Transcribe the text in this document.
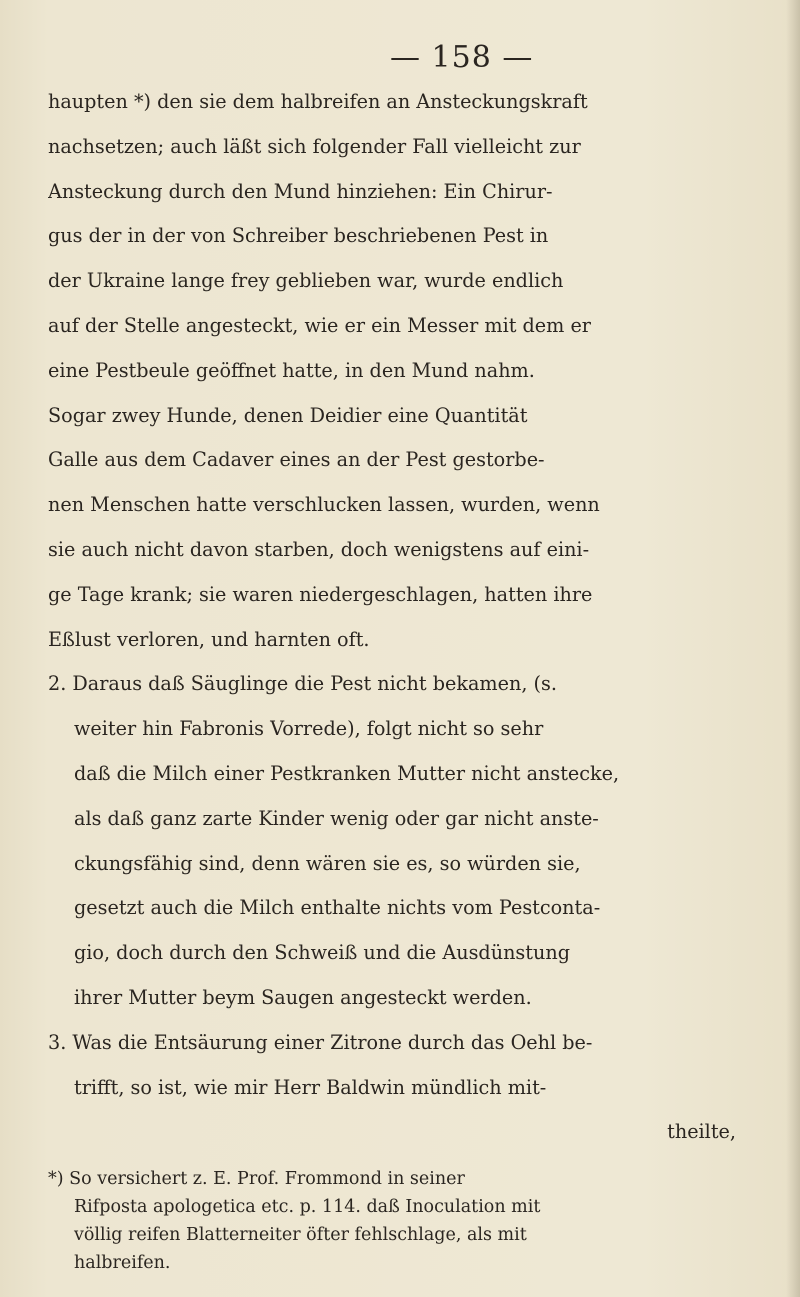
— 158 —
haupten *) den sie dem halbreifen an Ansteckungskraft
nachsetzen; auch läßt sich folgender Fall vielleicht zur
Ansteckung durch den Mund hinziehen: Ein Chirur-
gus der in der von Schreiber beschriebenen Pest in
der Ukraine lange frey geblieben war, wurde endlich
auf der Stelle angesteckt, wie er ein Messer mit dem er
eine Pestbeule geöffnet hatte, in den Mund nahm.
Sogar zwey Hunde, denen Deidier eine Quantität
Galle aus dem Cadaver eines an der Pest gestorbe-
nen Menschen hatte verschlucken lassen, wurden, wenn
sie auch nicht davon starben, doch wenigstens auf eini-
ge Tage krank; sie waren niedergeschlagen, hatten ihre
Eßlust verloren, und harnten oft.
2. Daraus daß Säuglinge die Pest nicht bekamen, (s.
weiter hin Fabronis Vorrede), folgt nicht so sehr
daß die Milch einer Pestkranken Mutter nicht anstecke,
als daß ganz zarte Kinder wenig oder gar nicht anste-
ckungsfähig sind, denn wären sie es, so würden sie,
gesetzt auch die Milch enthalte nichts vom Pestconta-
gio, doch durch den Schweiß und die Ausdünstung
ihrer Mutter beym Saugen angesteckt werden.
3. Was die Entsäurung einer Zitrone durch das Oehl be-
trifft, so ist, wie mir Herr Baldwin mündlich mit-
theilte,
*) So versichert z. E. Prof. Frommond in seiner
Rifposta apologetica etc. p. 114. daß Inoculation mit
völlig reifen Blatterneiter öfter fehlschlage, als mit
halbreifen.
